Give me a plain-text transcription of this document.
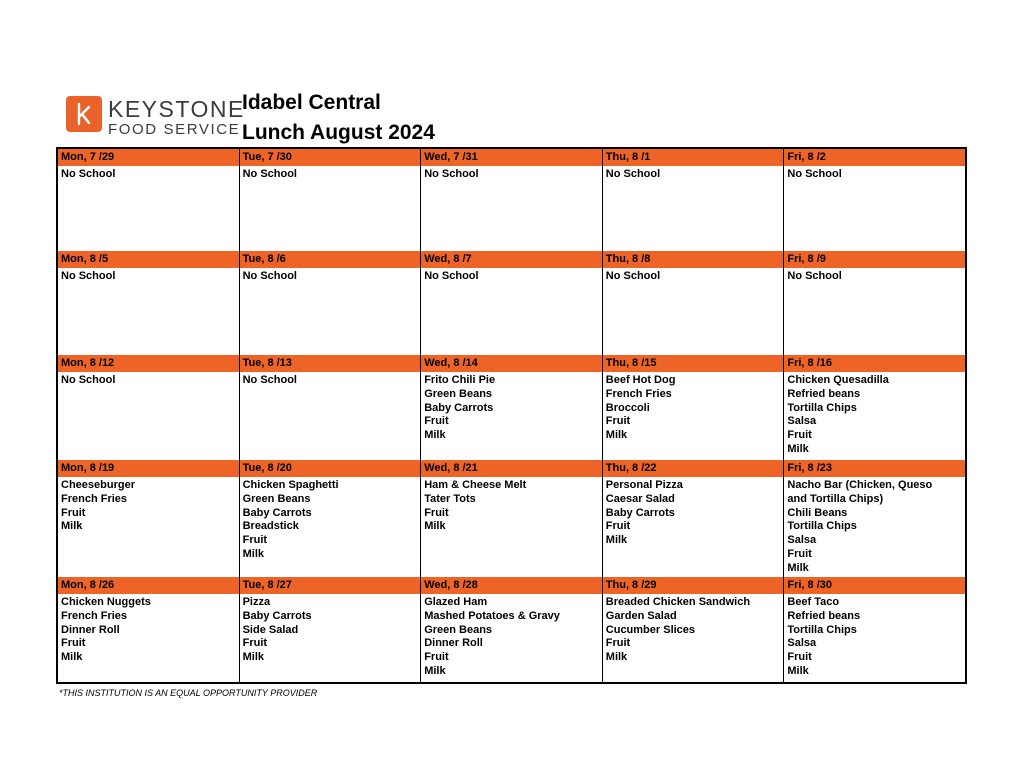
KEYSTONE
FOOD SERVICE
Idabel Central
Lunch August 2024
Mon, 7 /29
No School
Tue, 7 /30
No School
Wed, 7 /31
No School
Thu, 8 /1
No School
Fri, 8 /2
No School
Mon, 8 /5
No School
Tue, 8 /6
No School
Wed, 8 /7
No School
Thu, 8 /8
No School
Fri, 8 /9
No School
Mon, 8 /12
No School
Tue, 8 /13
No School
Wed, 8 /14
Frito Chili Pie
Green Beans
Baby Carrots
Fruit
Milk
Thu, 8 /15
Beef Hot Dog
French Fries
Broccoli
Fruit
Milk
Fri, 8 /16
Chicken Quesadilla
Refried beans
Tortilla Chips
Salsa
Fruit
Milk
Mon, 8 /19
Cheeseburger
French Fries
Fruit
Milk
Tue, 8 /20
Chicken Spaghetti
Green Beans
Baby Carrots
Breadstick
Fruit
Milk
Wed, 8 /21
Ham & Cheese Melt
Tater Tots
Fruit
Milk
Thu, 8 /22
Personal Pizza
Caesar Salad
Baby Carrots
Fruit
Milk
Fri, 8 /23
Nacho Bar (Chicken, Queso
and Tortilla Chips)
Chili Beans
Tortilla Chips
Salsa
Fruit
Milk
Mon, 8 /26
Chicken Nuggets
French Fries
Dinner Roll
Fruit
Milk
Tue, 8 /27
Pizza
Baby Carrots
Side Salad
Fruit
Milk
Wed, 8 /28
Glazed Ham
Mashed Potatoes & Gravy
Green Beans
Dinner Roll
Fruit
Milk
Thu, 8 /29
Breaded Chicken Sandwich
Garden Salad
Cucumber Slices
Fruit
Milk
Fri, 8 /30
Beef Taco
Refried beans
Tortilla Chips
Salsa
Fruit
Milk
*THIS INSTITUTION IS AN EQUAL OPPORTUNITY PROVIDER
